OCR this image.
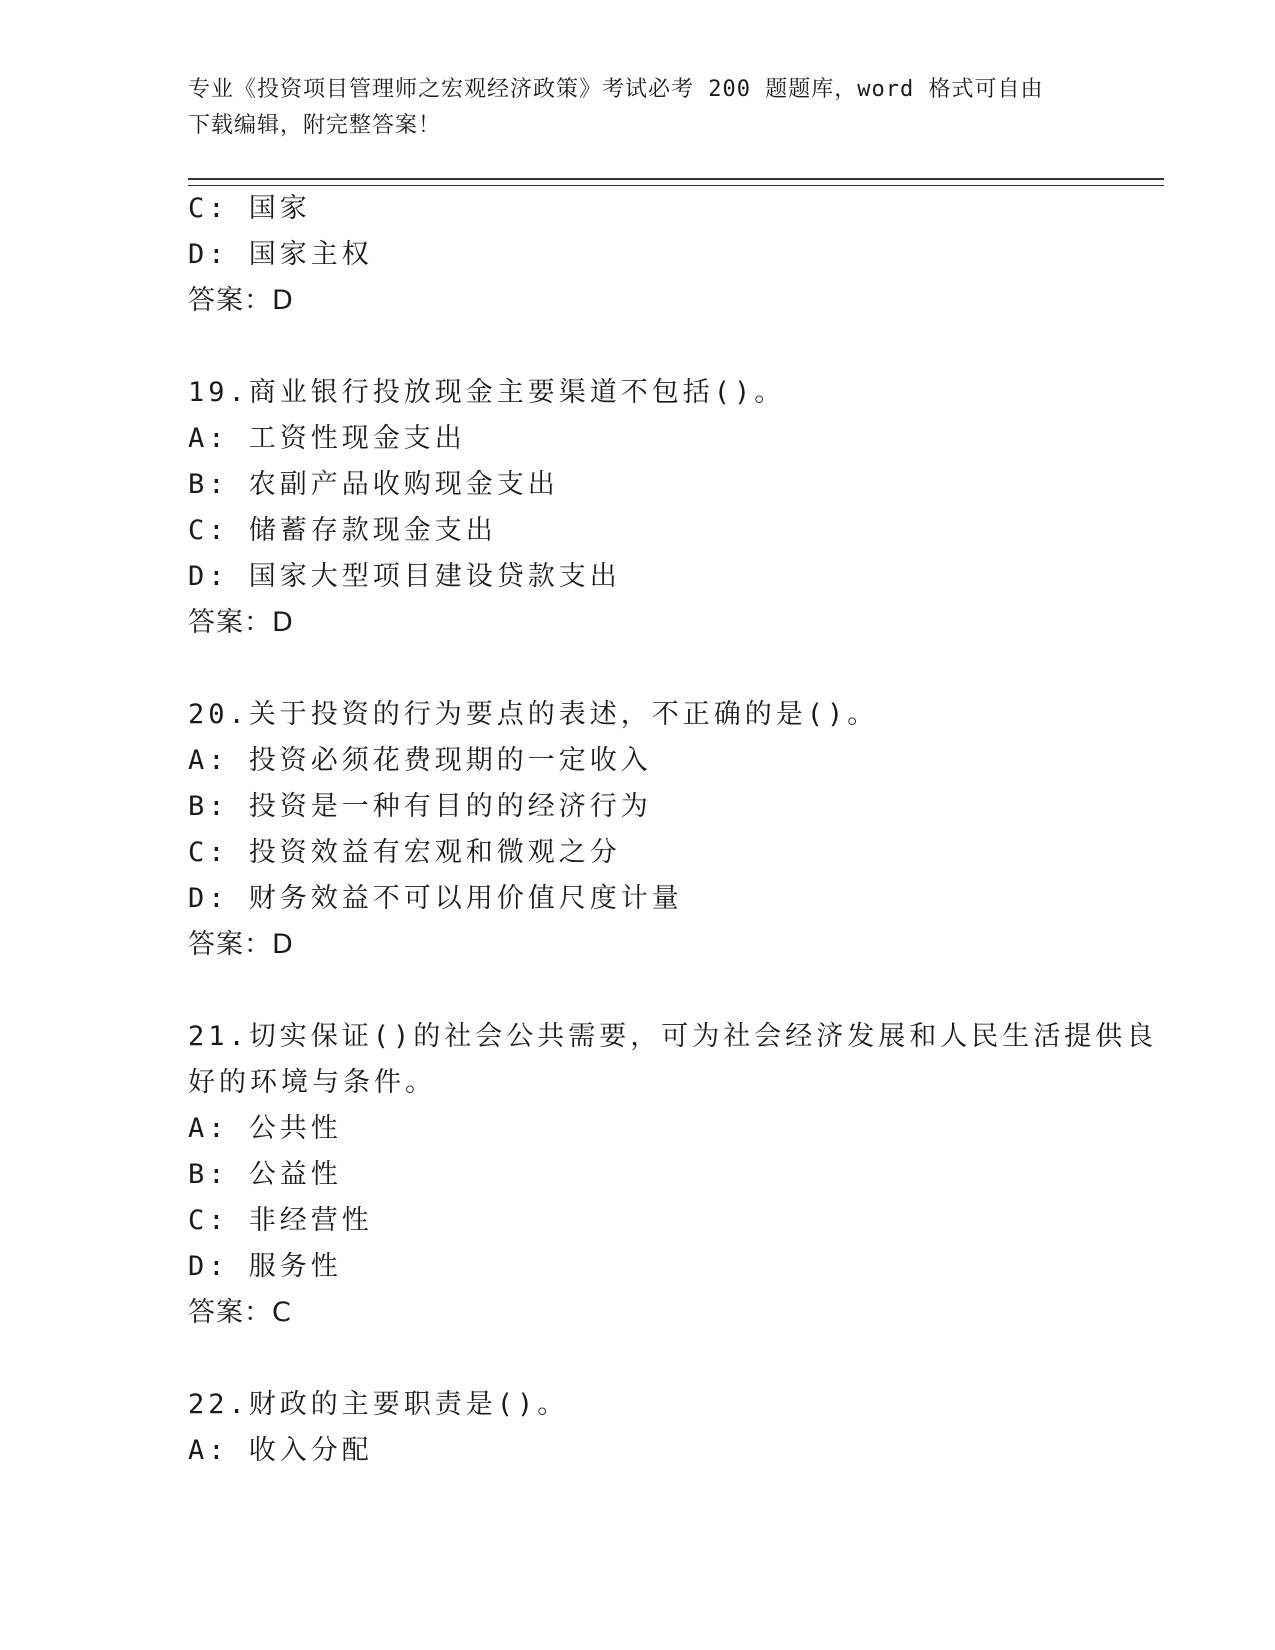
专业《投资项目管理师之宏观经济政策》考试必考 200 题题库，word 格式可自由
下载编辑，附完整答案！
C: 国家
D: 国家主权
答案：D
19.商业银行投放现金主要渠道不包括()。
A: 工资性现金支出
B: 农副产品收购现金支出
C: 储蓄存款现金支出
D: 国家大型项目建设贷款支出
答案：D
20.关于投资的行为要点的表述，不正确的是()。
A: 投资必须花费现期的一定收入
B: 投资是一种有目的的经济行为
C: 投资效益有宏观和微观之分
D: 财务效益不可以用价值尺度计量
答案：D
21.切实保证()的社会公共需要，可为社会经济发展和人民生活提供良
好的环境与条件。
A: 公共性
B: 公益性
C: 非经营性
D: 服务性
答案：C
22.财政的主要职责是()。
A: 收入分配
